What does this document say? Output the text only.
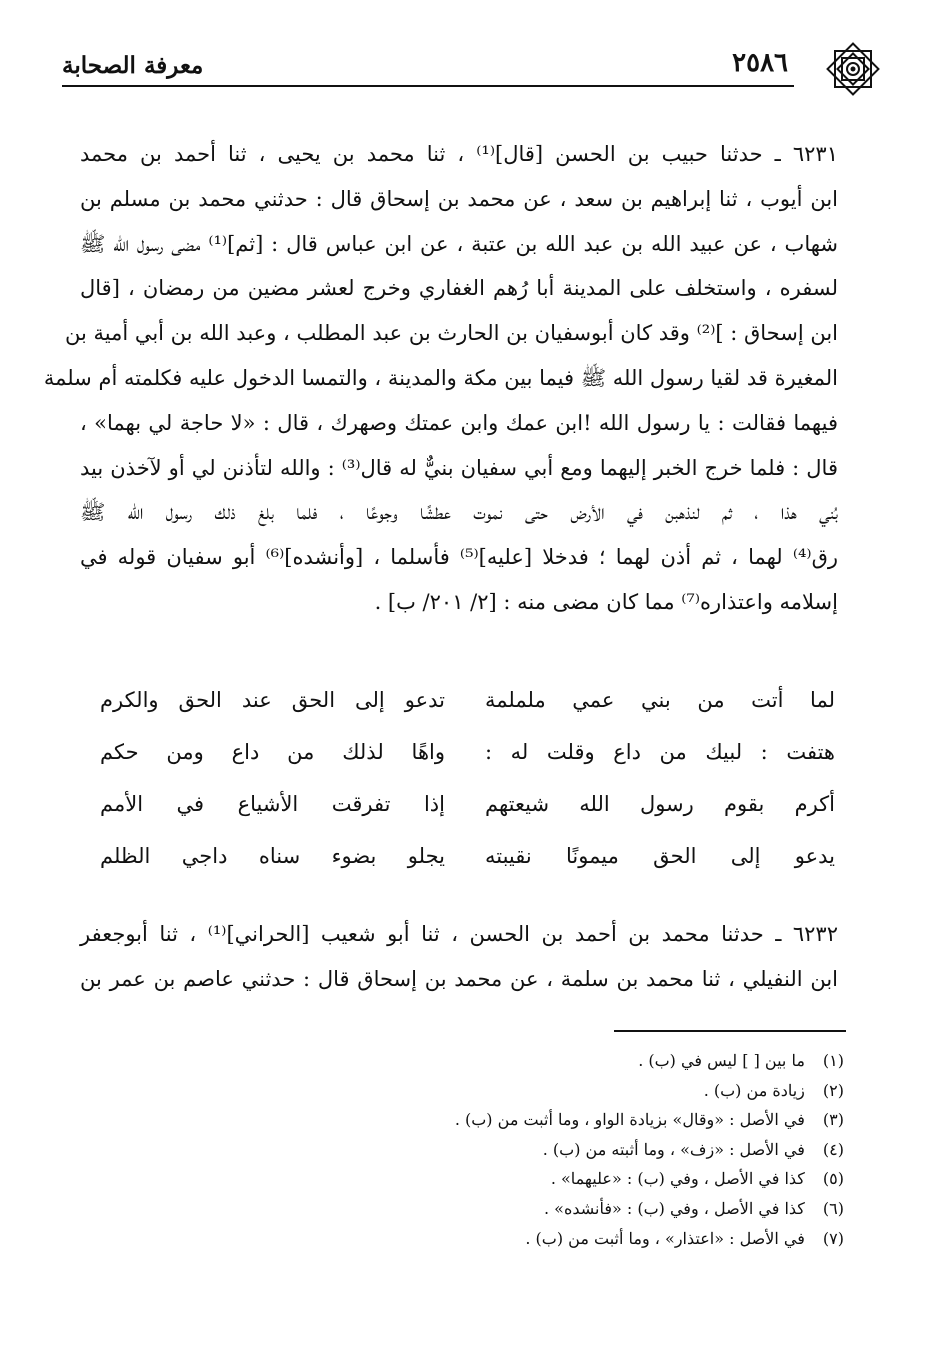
معرفة الصحابة	٢٥٨٦
٦٢٣١ ـ حدثنا حبيب بن الحسن [قال]⁽¹⁾ ، ثنا محمد بن يحيى ، ثنا أحمد بن محمد
ابن أيوب ، ثنا إبراهيم بن سعد ، عن محمد بن إسحاق قال : حدثني محمد بن مسلم بن
شهاب ، عن عبيد الله بن عبد الله بن عتبة ، عن ابن عباس قال : [ثم]⁽¹⁾ مضى رسول الله ﷺ
لسفره ، واستخلف على المدينة أبا رُهم الغفاري وخرج لعشر مضين من رمضان ، [قال
ابن إسحاق : ]⁽²⁾ وقد كان أبوسفيان بن الحارث بن عبد المطلب ، وعبد الله بن أبي أمية بن
المغيرة قد لقيا رسول الله ﷺ فيما بين مكة والمدينة ، والتمسا الدخول عليه فكلمته أم سلمة
فيهما فقالت : يا رسول الله !ابن عمك وابن عمتك وصهرك ، قال : «لا حاجة لي بهما» ،
قال : فلما خرج الخبر إليهما ومع أبي سفيان بنيٌّ له قال⁽³⁾ : والله لتأذنن لي أو لآخذن بيد
بُني هذا ، ثم لنذهبن في الأرض حتى نموت عطشًا وجوعًا ، فلما بلغ ذلك رسول الله ﷺ
رق⁽⁴⁾ لهما ، ثم أذن لهما ؛ فدخلا [عليه]⁽⁵⁾ فأسلما ، [وأنشده]⁽⁶⁾ أبو سفيان قوله في
إسلامه واعتذاره⁽⁷⁾ مما كان مضى منه : [٢/ ٢٠١/ ب] .
لما أتت من بني عمي ململمة
تدعو إلى الحق عند الحق والكرم
هتفت : لبيك من داع وقلت له :
واهًا لذلك من داع ومن حكم
أكرم بقوم رسول الله شيعتهم
إذا تفرقت الأشياع في الأمم
يدعو إلى الحق ميمونًا نقيبته
يجلو بضوء سناه داجي الظلم
٦٢٣٢ ـ حدثنا محمد بن أحمد بن الحسن ، ثنا أبو شعيب [الحراني]⁽¹⁾ ، ثنا أبوجعفر
ابن النفيلي ، ثنا محمد بن سلمة ، عن محمد بن إسحاق قال : حدثني عاصم بن عمر بن
(١) ما بين [ ] ليس في (ب) .
(٢) زيادة من (ب) .
(٣) في الأصل : «وقال» بزيادة الواو ، وما أثبت من (ب) .
(٤) في الأصل : «زف» ، وما أثبته من (ب) .
(٥) كذا في الأصل ، وفي (ب) : «عليهما» .
(٦) كذا في الأصل ، وفي (ب) : «فأنشده» .
(٧) في الأصل : «اعتذار» ، وما أثبت من (ب) .
